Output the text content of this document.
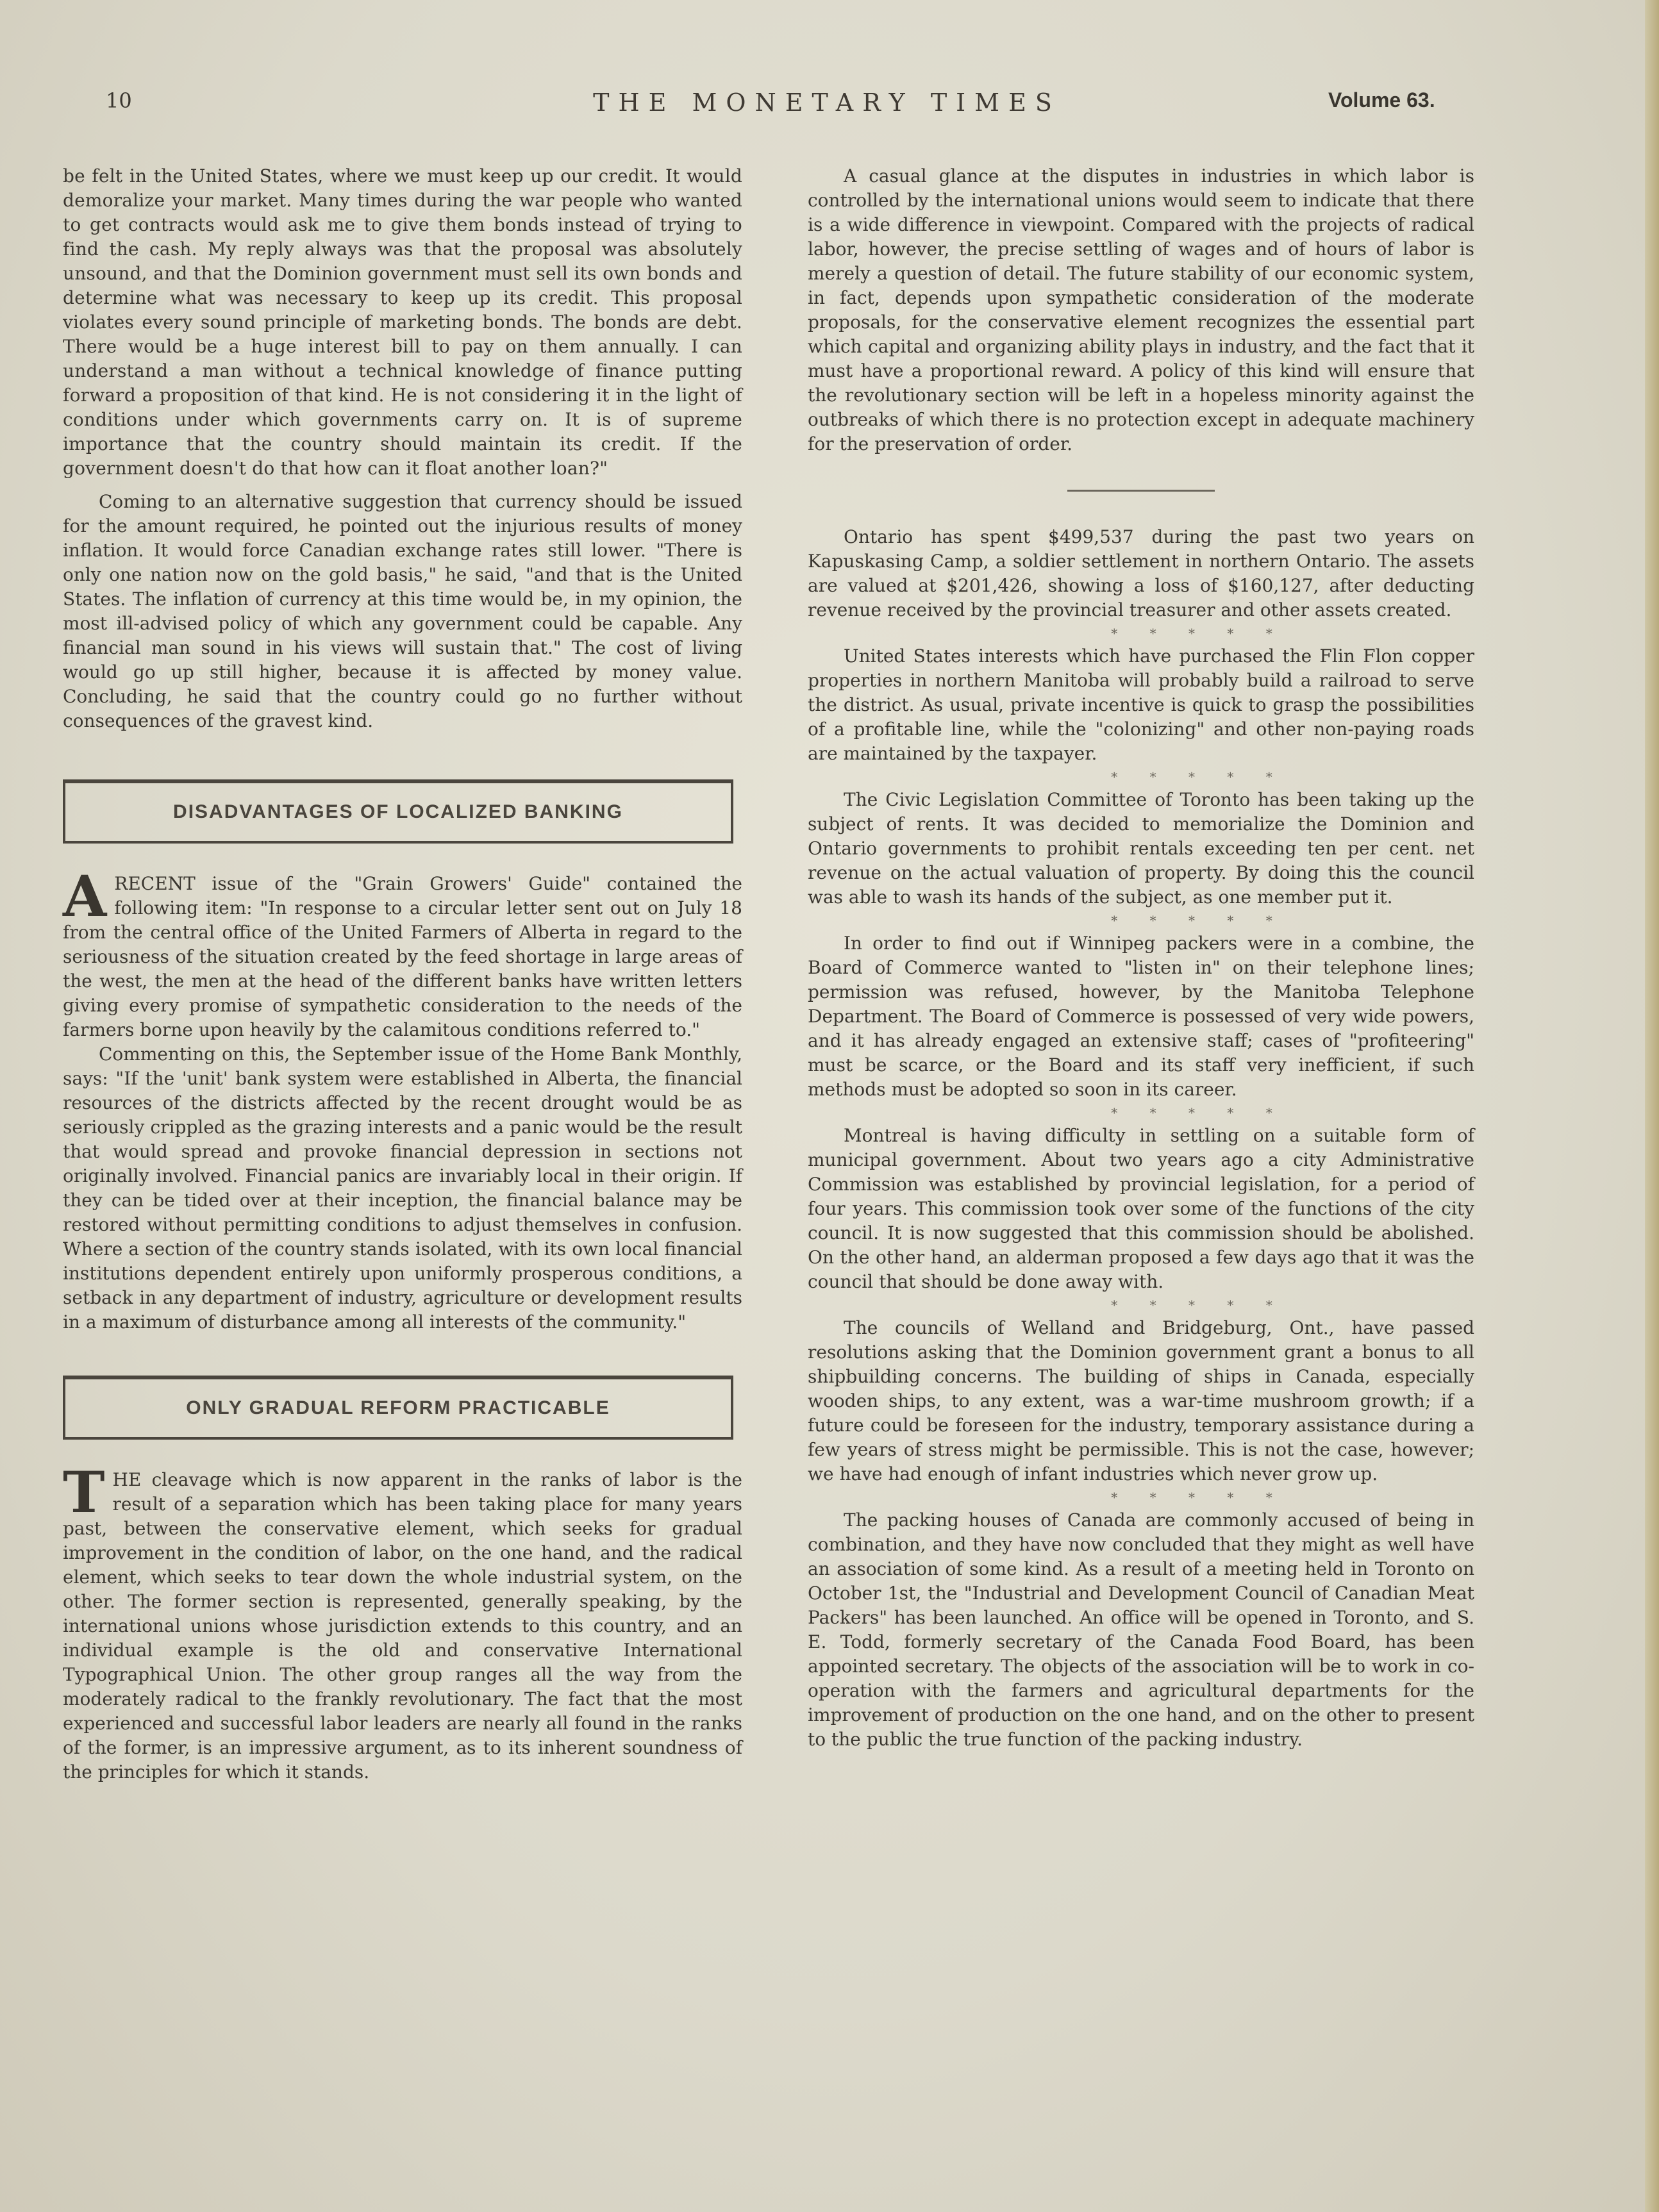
10	THE MONETARY TIMES	Volume 63.

be felt in the United States, where we must keep up our credit. It would demoralize your market. Many times during the war people who wanted to get contracts would ask me to give them bonds instead of trying to find the cash. My reply always was that the proposal was absolutely unsound, and that the Dominion government must sell its own bonds and determine what was necessary to keep up its credit. This proposal violates every sound principle of marketing bonds. The bonds are debt. There would be a huge interest bill to pay on them annually. I can understand a man without a technical knowledge of finance putting forward a proposition of that kind. He is not considering it in the light of conditions under which governments carry on. It is of supreme importance that the country should maintain its credit. If the government doesn't do that how can it float another loan?"

Coming to an alternative suggestion that currency should be issued for the amount required, he pointed out the injurious results of money inflation. It would force Canadian exchange rates still lower. "There is only one nation now on the gold basis," he said, "and that is the United States. The inflation of currency at this time would be, in my opinion, the most ill-advised policy of which any government could be capable. Any financial man sound in his views will sustain that." The cost of living would go up still higher, because it is affected by money value. Concluding, he said that the country could go no further without consequences of the gravest kind.

DISADVANTAGES OF LOCALIZED BANKING
A RECENT issue of the "Grain Growers' Guide" contained the following item: "In response to a circular letter sent out on July 18 from the central office of the United Farmers of Alberta in regard to the seriousness of the situation created by the feed shortage in large areas of the west, the men at the head of the different banks have written letters giving every promise of sympathetic consideration to the needs of the farmers borne upon heavily by the calamitous conditions referred to."

Commenting on this, the September issue of the Home Bank Monthly, says: "If the 'unit' bank system were established in Alberta, the financial resources of the districts affected by the recent drought would be as seriously crippled as the grazing interests and a panic would be the result that would spread and provoke financial depression in sections not originally involved. Financial panics are invariably local in their origin. If they can be tided over at their inception, the financial balance may be restored without permitting conditions to adjust themselves in confusion. Where a section of the country stands isolated, with its own local financial institutions dependent entirely upon uniformly prosperous conditions, a setback in any department of industry, agriculture or development results in a maximum of disturbance among all interests of the community."

ONLY GRADUAL REFORM PRACTICABLE
T HE cleavage which is now apparent in the ranks of labor is the result of a separation which has been taking place for many years past, between the conservative element, which seeks for gradual improvement in the condition of labor, on the one hand, and the radical element, which seeks to tear down the whole industrial system, on the other. The former section is represented, generally speaking, by the international unions whose jurisdiction extends to this country, and an individual example is the old and conservative International Typographical Union. The other group ranges all the way from the moderately radical to the frankly revolutionary. The fact that the most experienced and successful labor leaders are nearly all found in the ranks of the former, is an impressive argument, as to its inherent soundness of the principles for which it stands.

A casual glance at the disputes in industries in which labor is controlled by the international unions would seem to indicate that there is a wide difference in viewpoint. Compared with the projects of radical labor, however, the precise settling of wages and of hours of labor is merely a question of detail. The future stability of our economic system, in fact, depends upon sympathetic consideration of the moderate proposals, for the conservative element recognizes the essential part which capital and organizing ability plays in industry, and the fact that it must have a proportional reward. A policy of this kind will ensure that the revolutionary section will be left in a hopeless minority against the outbreaks of which there is no protection except in adequate machinery for the preservation of order.

Ontario has spent $499,537 during the past two years on Kapuskasing Camp, a soldier settlement in northern Ontario. The assets are valued at $201,426, showing a loss of $160,127, after deducting revenue received by the provincial treasurer and other assets created.

* * * * *

United States interests which have purchased the Flin Flon copper properties in northern Manitoba will probably build a railroad to serve the district. As usual, private incentive is quick to grasp the possibilities of a profitable line, while the "colonizing" and other non-paying roads are maintained by the taxpayer.

* * * * *

The Civic Legislation Committee of Toronto has been taking up the subject of rents. It was decided to memorialize the Dominion and Ontario governments to prohibit rentals exceeding ten per cent. net revenue on the actual valuation of property. By doing this the council was able to wash its hands of the subject, as one member put it.

* * * * *

In order to find out if Winnipeg packers were in a combine, the Board of Commerce wanted to "listen in" on their telephone lines; permission was refused, however, by the Manitoba Telephone Department. The Board of Commerce is possessed of very wide powers, and it has already engaged an extensive staff; cases of "profiteering" must be scarce, or the Board and its staff very inefficient, if such methods must be adopted so soon in its career.

* * * * *

Montreal is having difficulty in settling on a suitable form of municipal government. About two years ago a city Administrative Commission was established by provincial legislation, for a period of four years. This commission took over some of the functions of the city council. It is now suggested that this commission should be abolished. On the other hand, an alderman proposed a few days ago that it was the council that should be done away with.

* * * * *

The councils of Welland and Bridgeburg, Ont., have passed resolutions asking that the Dominion government grant a bonus to all shipbuilding concerns. The building of ships in Canada, especially wooden ships, to any extent, was a war-time mushroom growth; if a future could be foreseen for the industry, temporary assistance during a few years of stress might be permissible. This is not the case, however; we have had enough of infant industries which never grow up.

* * * * *

The packing houses of Canada are commonly accused of being in combination, and they have now concluded that they might as well have an association of some kind. As a result of a meeting held in Toronto on October 1st, the "Industrial and Development Council of Canadian Meat Packers" has been launched. An office will be opened in Toronto, and S. E. Todd, formerly secretary of the Canada Food Board, has been appointed secretary. The objects of the association will be to work in co-operation with the farmers and agricultural departments for the improvement of production on the one hand, and on the other to present to the public the true function of the packing industry.
